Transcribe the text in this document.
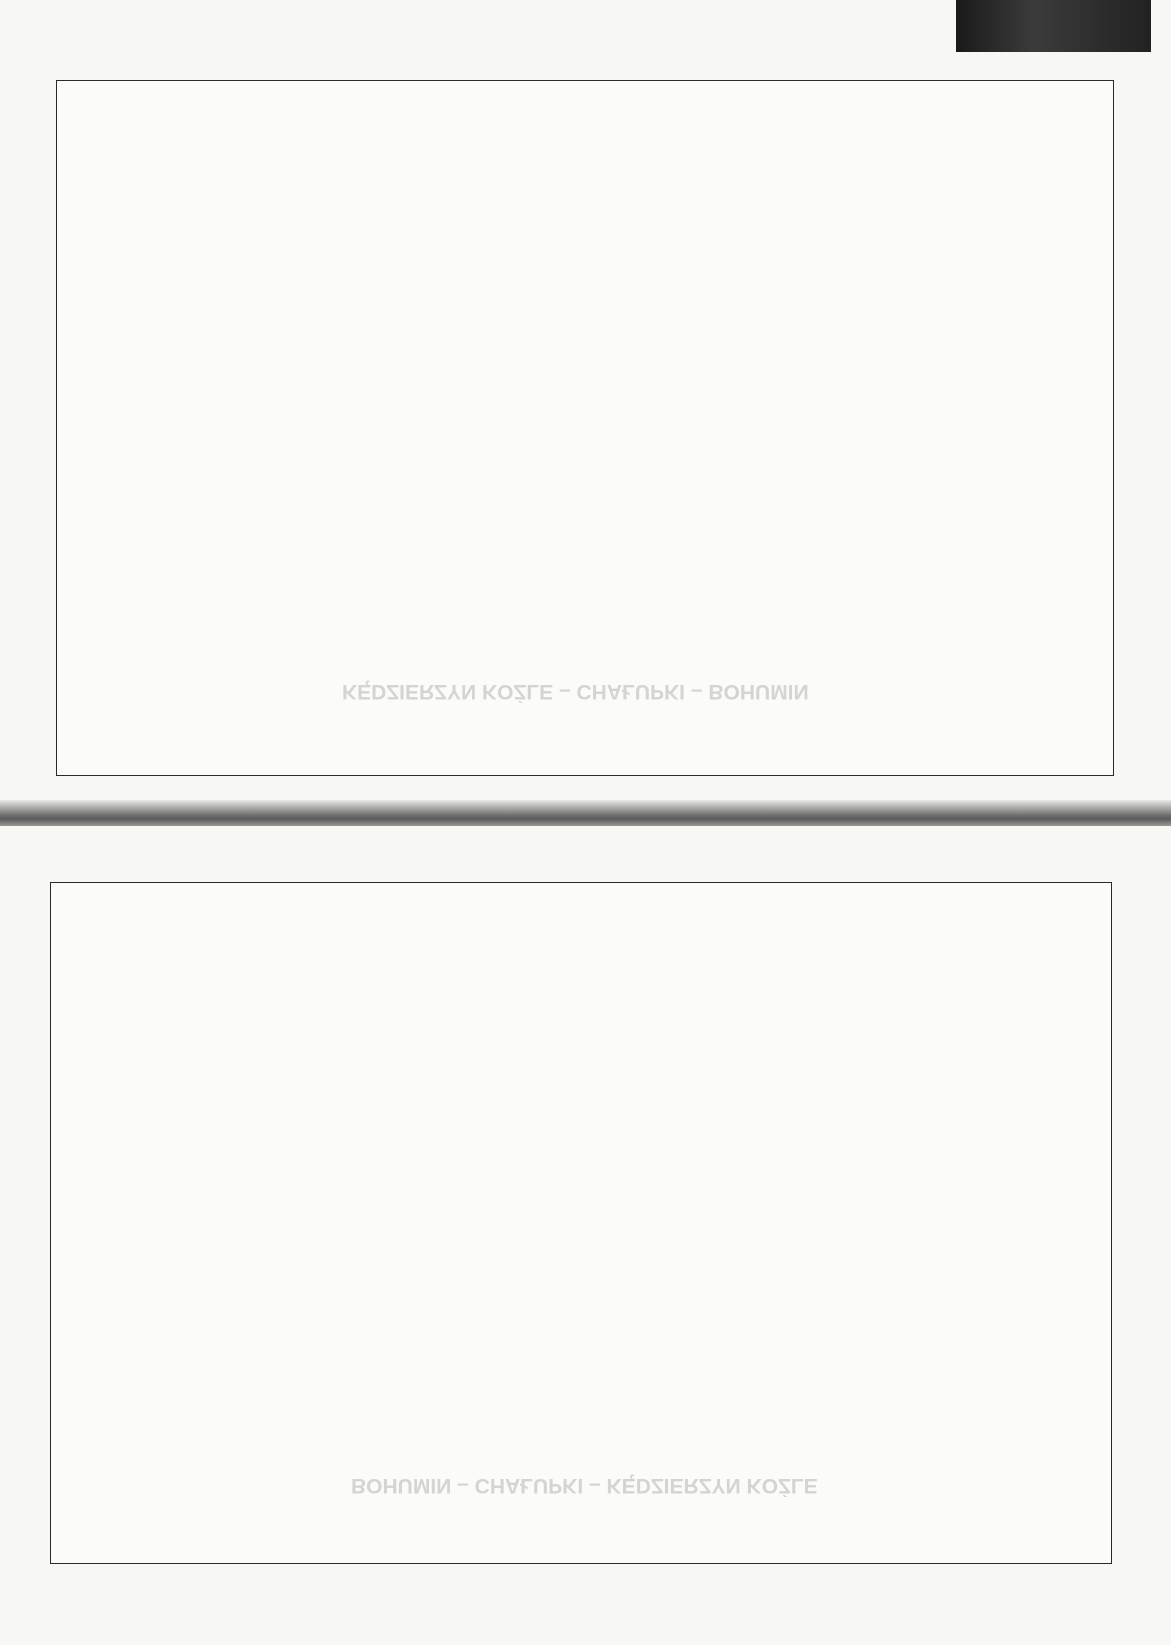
KĘDZIERZYN KOŹLE – CHAŁUPKI – BOHUMIN
BOHUMIN – CHAŁUPKI – KĘDZIERZYN KOŹLE
